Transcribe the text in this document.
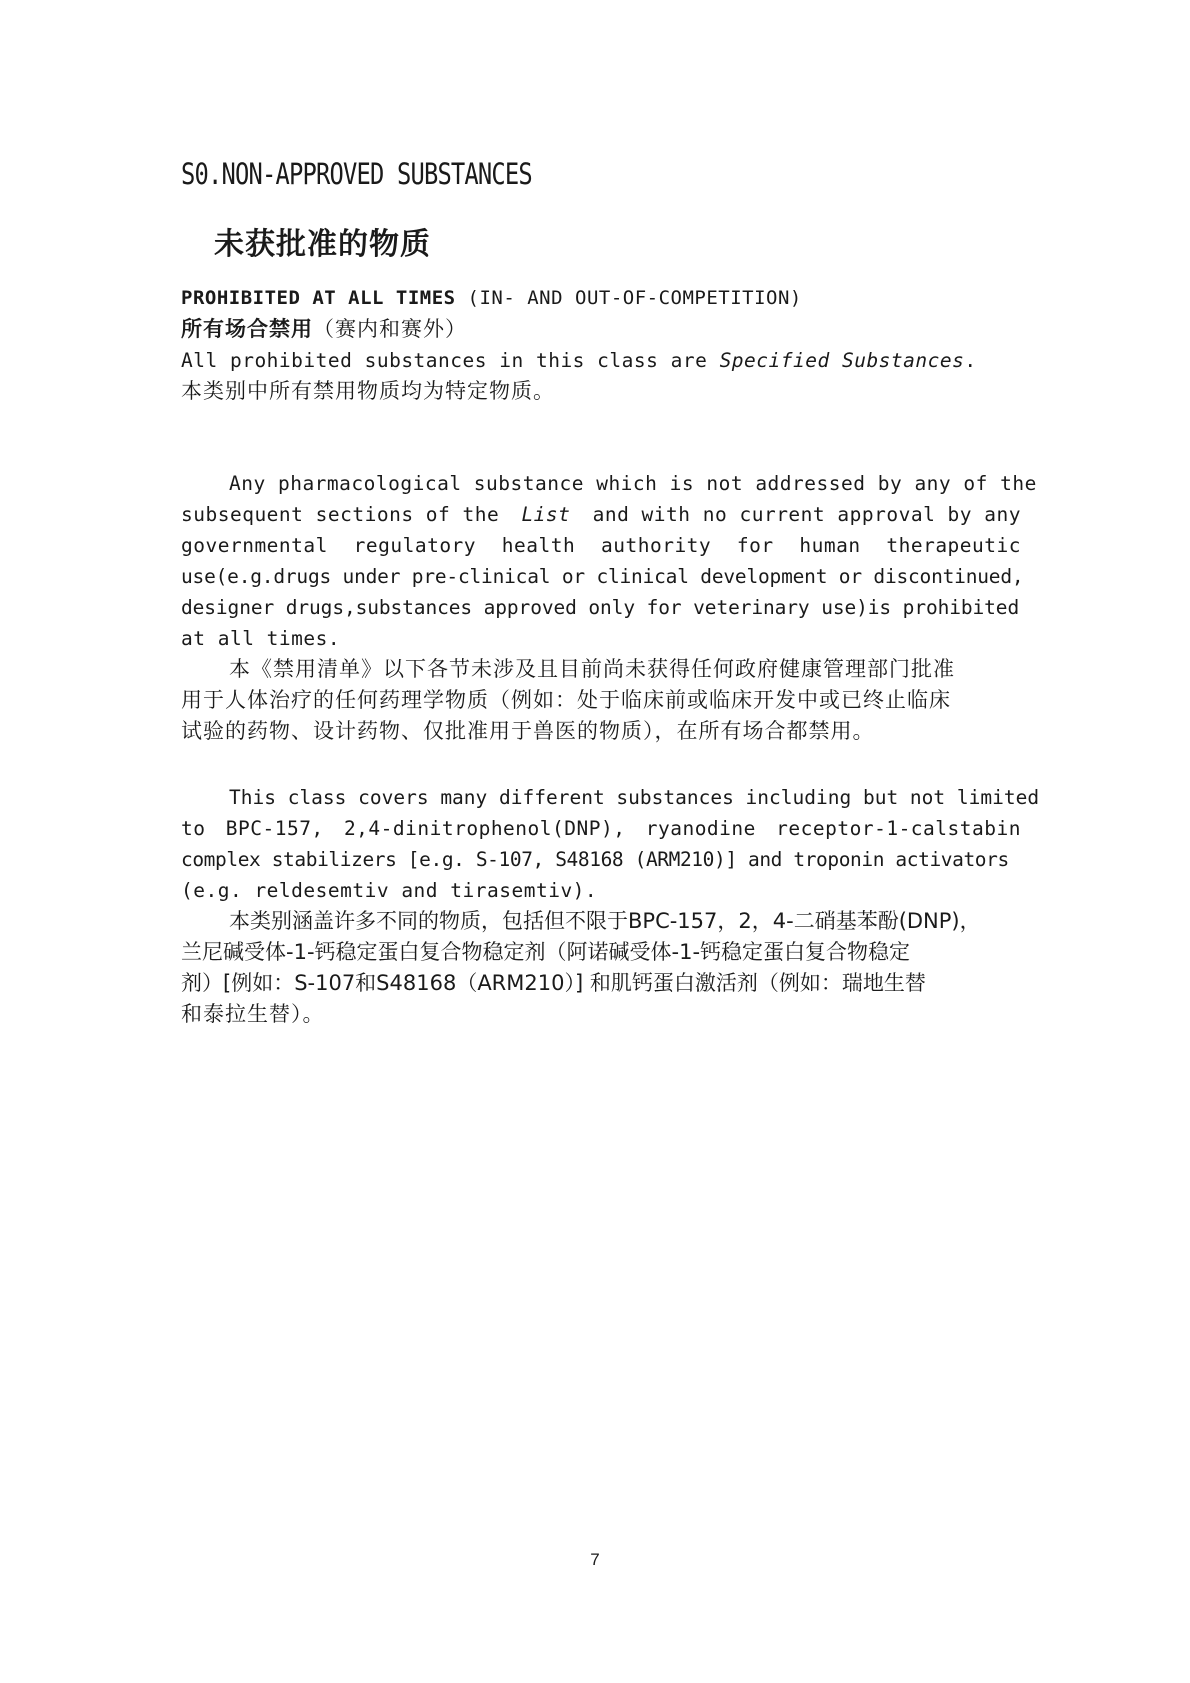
S0.NON-APPROVED SUBSTANCES
未获批准的物质
PROHIBITED AT ALL TIMES (IN- AND OUT-OF-COMPETITION)
所有场合禁用（赛内和赛外）
All prohibited substances in this class are Specified Substances.
本类别中所有禁用物质均为特定物质。
Any pharmacological substance which is not addressed by any of the
subsequent sections of the List and with no current approval by any
governmental regulatory health authority for human therapeutic
use(e.g.drugs under pre-clinical or clinical development or discontinued,
designer drugs,substances approved only for veterinary use)is prohibited
at all times.
本《禁用清单》以下各节未涉及且目前尚未获得任何政府健康管理部门批准
用于人体治疗的任何药理学物质（例如：处于临床前或临床开发中或已终止临床
试验的药物、设计药物、仅批准用于兽医的物质），在所有场合都禁用。
This class covers many different substances including but not limited
to BPC-157, 2,4-dinitrophenol(DNP), ryanodine receptor-1-calstabin
complex stabilizers [e.g. S-107, S48168 (ARM210)] and troponin activators
(e.g. reldesemtiv and tirasemtiv).
本类别涵盖许多不同的物质，包括但不限于BPC-157，2，4-二硝基苯酚(DNP)，
兰尼碱受体-1-钙稳定蛋白复合物稳定剂（阿诺碱受体-1-钙稳定蛋白复合物稳定
剂）[例如：S-107和S48168（ARM210）] 和肌钙蛋白激活剂（例如：瑞地生替
和泰拉生替）。
7
